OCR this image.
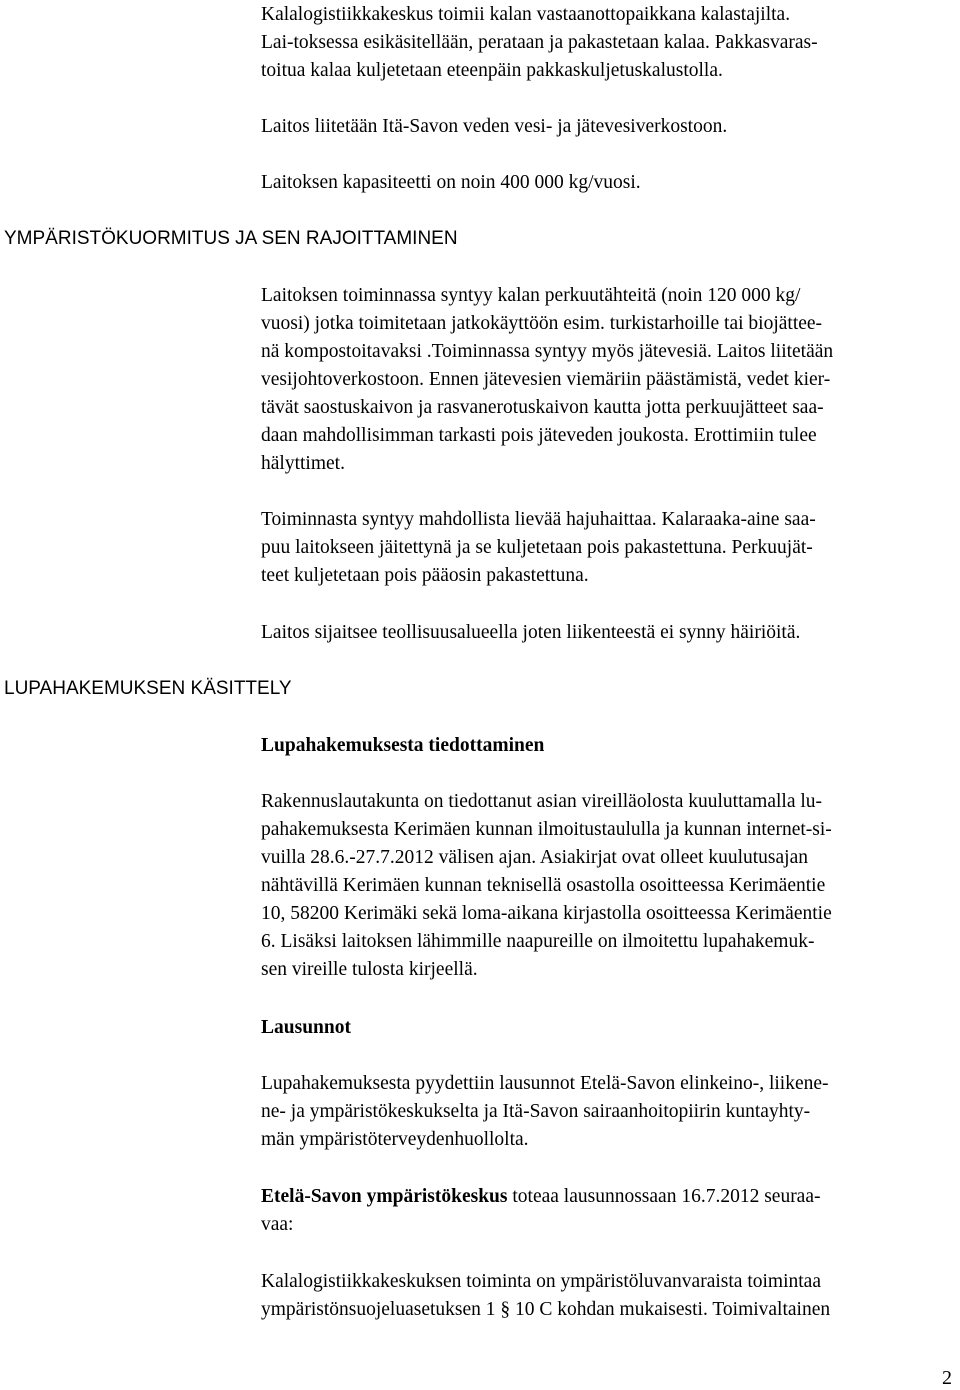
Kalalogistiikkakeskus toimii kalan vastaanottopaikkana kalastajilta.
Lai-toksessa esikäsitellään, perataan ja pakastetaan kalaa. Pakkasvaras-
toitua kalaa kuljetetaan eteenpäin pakkaskuljetuskalustolla.
Laitos liitetään Itä-Savon veden vesi- ja jätevesiverkostoon.
Laitoksen kapasiteetti on noin 400 000 kg/vuosi.
YMPÄRISTÖKUORMITUS JA SEN RAJOITTAMINEN
Laitoksen toiminnassa syntyy kalan perkuutähteitä (noin 120 000 kg/
vuosi) jotka toimitetaan jatkokäyttöön esim. turkistarhoille tai biojättee-
nä kompostoitavaksi .Toiminnassa syntyy myös jätevesiä. Laitos liitetään
vesijohtoverkostoon. Ennen jätevesien viemäriin päästämistä, vedet kier-
tävät saostuskaivon ja rasvanerotuskaivon kautta jotta perkuujätteet saa-
daan mahdollisimman tarkasti pois jäteveden joukosta. Erottimiin tulee
hälyttimet.
Toiminnasta syntyy mahdollista lievää hajuhaittaa. Kalaraaka-aine saa-
puu laitokseen jäitettynä ja se kuljetetaan pois pakastettuna. Perkuujät-
teet kuljetetaan pois pääosin pakastettuna.
Laitos sijaitsee teollisuusalueella joten liikenteestä ei synny häiriöitä.
LUPAHAKEMUKSEN KÄSITTELY
Lupahakemuksesta tiedottaminen
Rakennuslautakunta on tiedottanut asian vireilläolosta kuuluttamalla lu-
pahakemuksesta Kerimäen kunnan ilmoitustaululla ja kunnan internet-si-
vuilla 28.6.-27.7.2012 välisen ajan. Asiakirjat ovat olleet kuulutusajan
nähtävillä Kerimäen kunnan teknisellä osastolla osoitteessa Kerimäentie
10, 58200 Kerimäki sekä loma-aikana kirjastolla osoitteessa Kerimäentie
6. Lisäksi laitoksen lähimmille naapureille on ilmoitettu lupahakemuk-
sen vireille tulosta kirjeellä.
Lausunnot
Lupahakemuksesta pyydettiin lausunnot Etelä-Savon elinkeino-, liikene-
ne- ja ympäristökeskukselta ja Itä-Savon sairaanhoitopiirin kuntayhty-
män ympäristöterveydenhuollolta.
Etelä-Savon ympäristökeskus toteaa lausunnossaan 16.7.2012 seuraa-
vaa:
Kalalogistiikkakeskuksen toiminta on ympäristöluvanvaraista toimintaa
ympäristönsuojeluasetuksen 1 § 10 C kohdan mukaisesti. Toimivaltainen
2
